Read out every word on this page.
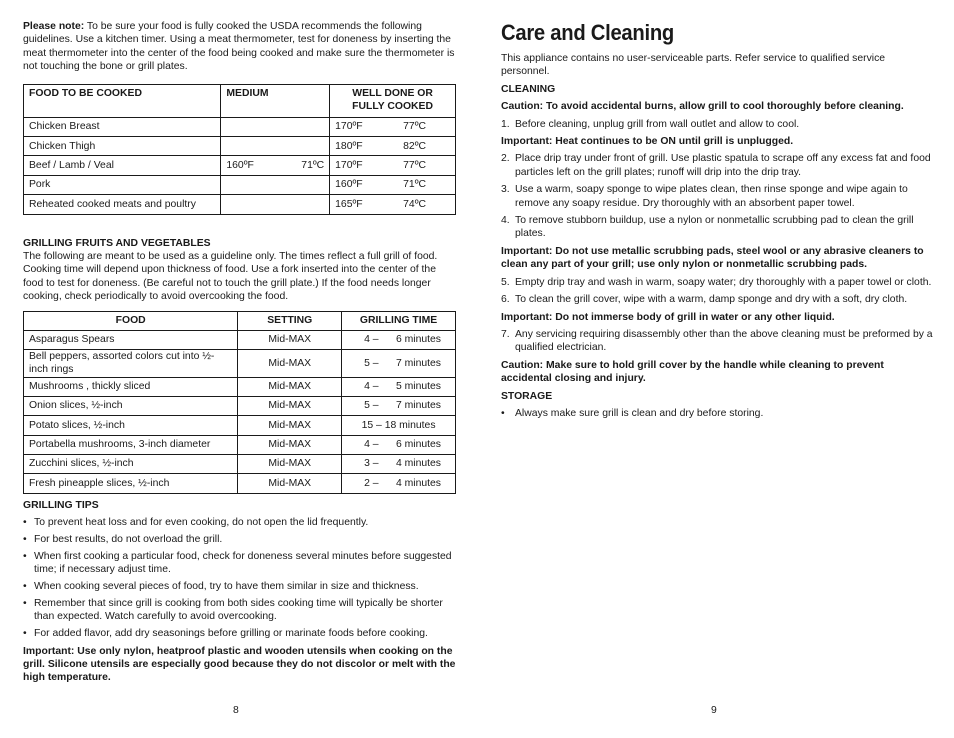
Please note: To be sure your food is fully cooked the USDA recommends the following guidelines. Use a kitchen timer. Using a meat thermometer, test for doneness by inserting the meat thermometer into the center of the food being cooked and make sure the thermometer is not touching the bone or grill plates.

FOOD TO BE COOKED	MEDIUM	WELL DONE OR FULLY COOKED
Chicken Breast		170ºF 77ºC

Chicken Thigh		180ºF 82ºC

Beef / Lamb / Veal	160ºF 71ºC	170ºF 77ºC

Pork		160ºF 71ºC

Reheated cooked meats and poultry		165ºF 74ºC

GRILLING FRUITS AND VEGETABLES

The following are meant to be used as a guideline only. The times reflect a full grill of food. Cooking time will depend upon thickness of food. Use a fork inserted into the center of the food to test for doneness. (Be careful not to touch the grill plate.) If the food needs longer cooking, check periodically to avoid overcooking the food.

FOOD	SETTING	GRILLING TIME
Asparagus Spears	Mid-MAX	4 – 6 minutes

Bell peppers, assorted colors cut into ½-inch rings	Mid-MAX	5 – 7 minutes

Mushrooms , thickly sliced	Mid-MAX	4 – 5 minutes

Onion slices, ½-inch	Mid-MAX	5 – 7 minutes

Potato slices, ½-inch	Mid-MAX	15 – 18 minutes
Portabella mushrooms, 3-inch diameter	Mid-MAX	4 – 6 minutes

Zucchini slices, ½-inch	Mid-MAX	3 – 4 minutes

Fresh pineapple slices, ½-inch	Mid-MAX	2 – 4 minutes

GRILLING TIPS

• To prevent heat loss and for even cooking, do not open the lid frequently.
• For best results, do not overload the grill.
• When first cooking a particular food, check for doneness several minutes before suggested time; if necessary adjust time.
• When cooking several pieces of food, try to have them similar in size and thickness.
• Remember that since grill is cooking from both sides cooking time will typically be shorter than expected. Watch carefully to avoid overcooking.
• For added flavor, add dry seasonings before grilling or marinate foods before cooking.

Important: Use only nylon, heatproof plastic and wooden utensils when cooking on the grill. Silicone utensils are especially good because they do not discolor or melt with the high temperature.

8
Care and Cleaning

This appliance contains no user-serviceable parts. Refer service to qualified service personnel.

CLEANING

Caution: To avoid accidental burns, allow grill to cool thoroughly before cleaning.

1. Before cleaning, unplug grill from wall outlet and allow to cool.

Important: Heat continues to be ON until grill is unplugged.

2. Place drip tray under front of grill. Use plastic spatula to scrape off any excess fat and food particles left on the grill plates; runoff will drip into the drip tray.
3. Use a warm, soapy sponge to wipe plates clean, then rinse sponge and wipe again to remove any soapy residue. Dry thoroughly with an absorbent paper towel.
4. To remove stubborn buildup, use a nylon or nonmetallic scrubbing pad to clean the grill plates.

Important: Do not use metallic scrubbing pads, steel wool or any abrasive cleaners to clean any part of your grill; use only nylon or nonmetallic scrubbing pads.

5. Empty drip tray and wash in warm, soapy water; dry thoroughly with a paper towel or cloth.
6. To clean the grill cover, wipe with a warm, damp sponge and dry with a soft, dry cloth.

Important: Do not immerse body of grill in water or any other liquid.

7. Any servicing requiring disassembly other than the above cleaning must be preformed by a qualified electrician.

Caution: Make sure to hold grill cover by the handle while cleaning to prevent accidental closing and injury.

STORAGE

• Always make sure grill is clean and dry before storing.
9
